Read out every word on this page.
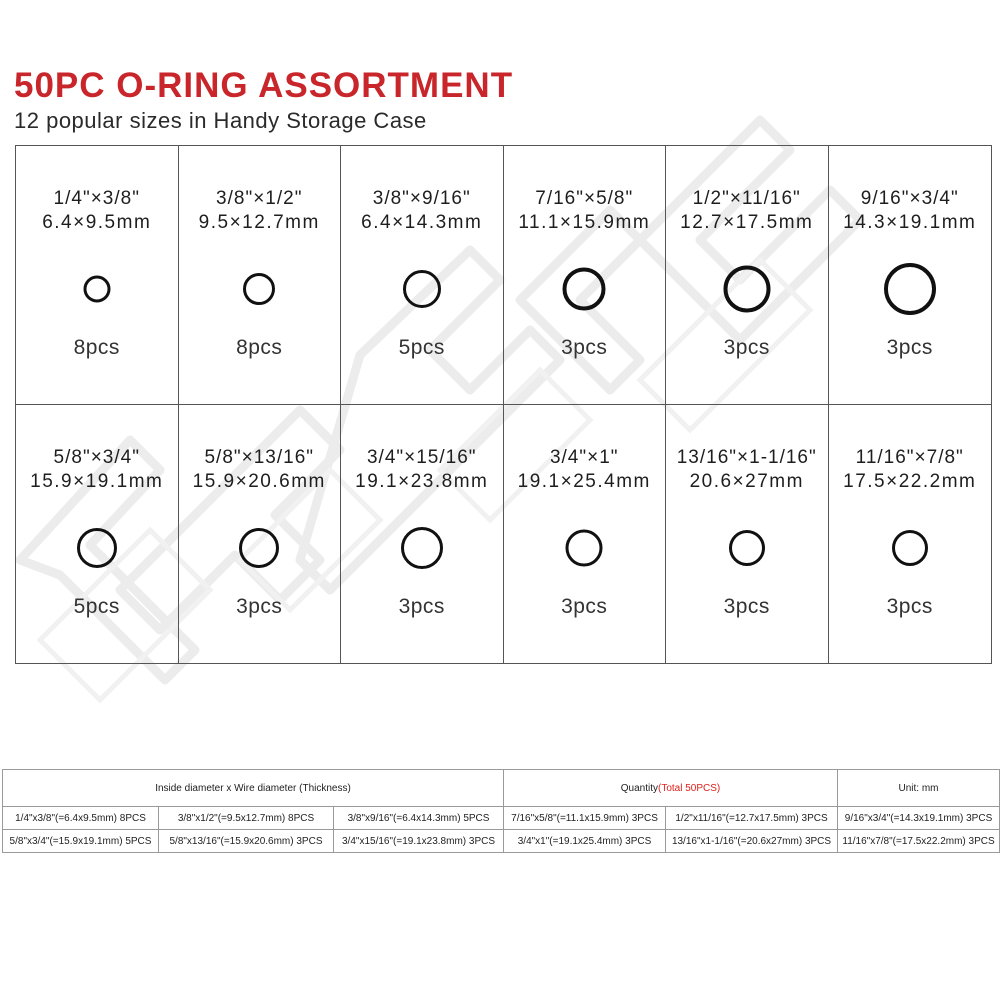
50PC O-RING ASSORTMENT
12 popular sizes in Handy Storage Case
1/4"×3/8"
6.4×9.5mm
8pcs
3/8"×1/2"
9.5×12.7mm
8pcs
3/8"×9/16"
6.4×14.3mm
5pcs
7/16"×5/8"
11.1×15.9mm
3pcs
1/2"×11/16"
12.7×17.5mm
3pcs
9/16"×3/4"
14.3×19.1mm
3pcs
5/8"×3/4"
15.9×19.1mm
5pcs
5/8"×13/16"
15.9×20.6mm
3pcs
3/4"×15/16"
19.1×23.8mm
3pcs
3/4"×1"
19.1×25.4mm
3pcs
13/16"×1-1/16"
20.6×27mm
3pcs
11/16"×7/8"
17.5×22.2mm
3pcs
Inside diameter x Wire diameter (Thickness)			Quantity(Total 50PCS)		Unit: mm
1/4"x3/8"(=6.4x9.5mm) 8PCS	3/8"x1/2"(=9.5x12.7mm) 8PCS	3/8"x9/16"(=6.4x14.3mm) 5PCS	7/16"x5/8"(=11.1x15.9mm) 3PCS	1/2"x11/16"(=12.7x17.5mm) 3PCS	9/16"x3/4"(=14.3x19.1mm) 3PCS
5/8"x3/4"(=15.9x19.1mm) 5PCS	5/8"x13/16"(=15.9x20.6mm) 3PCS	3/4"x15/16"(=19.1x23.8mm) 3PCS	3/4"x1"(=19.1x25.4mm) 3PCS	13/16"x1-1/16"(=20.6x27mm) 3PCS	11/16"x7/8"(=17.5x22.2mm) 3PCS
